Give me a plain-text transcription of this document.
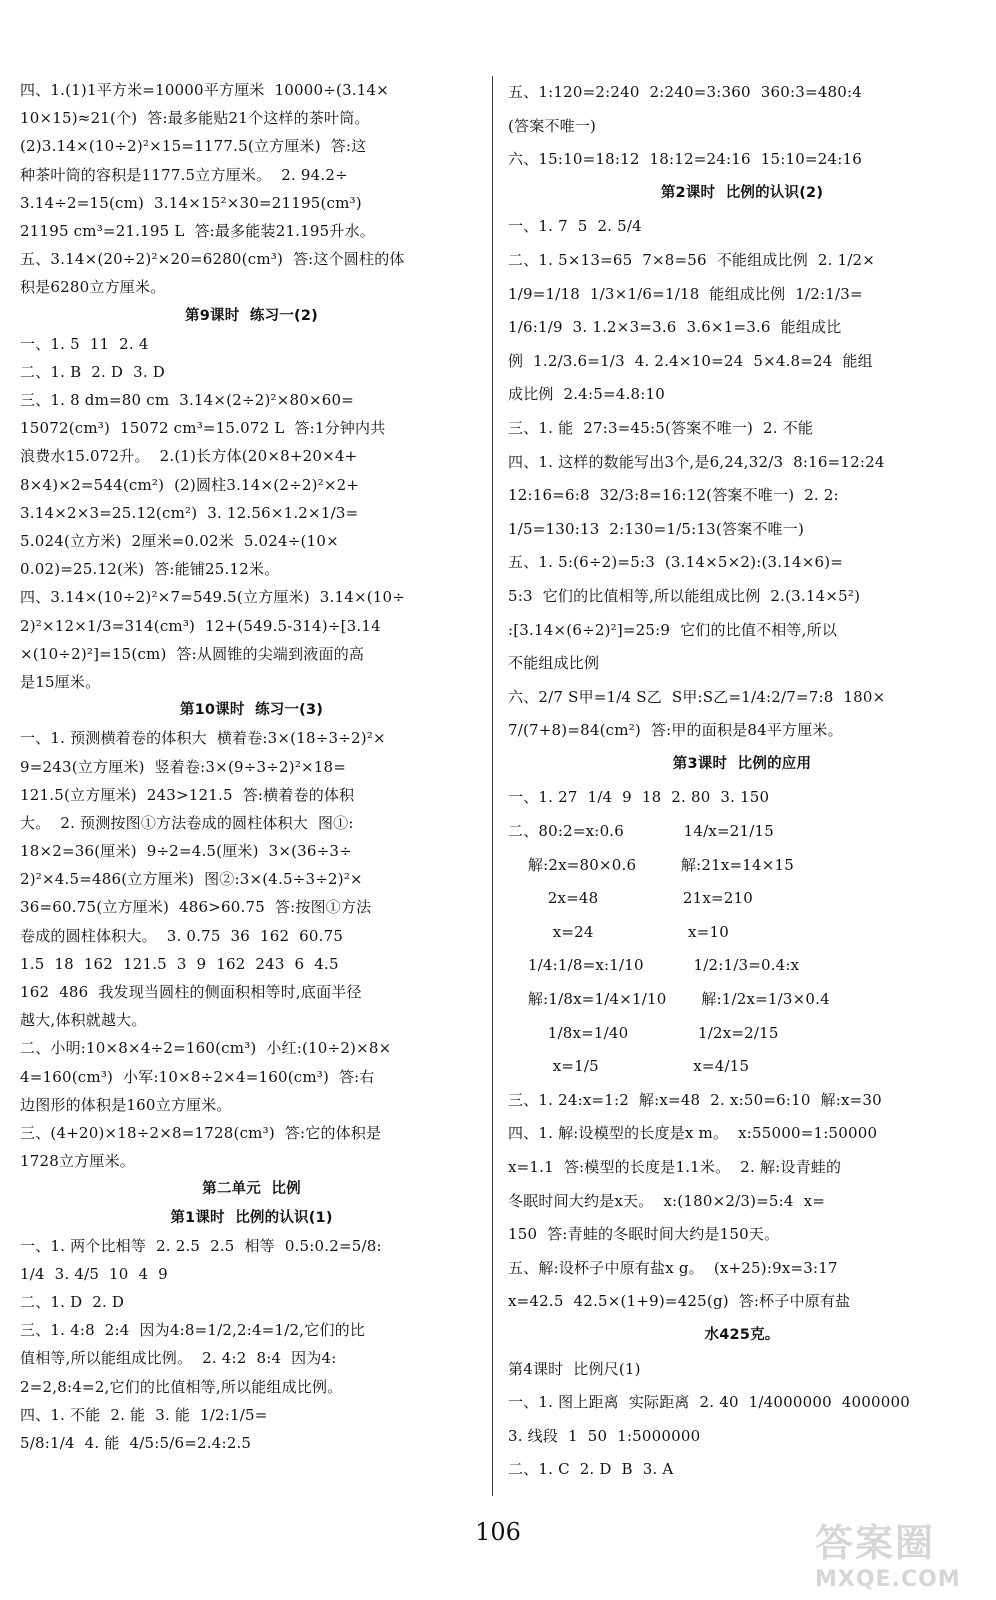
四、1.(1)1平方米=10000平方厘米  10000÷(3.14×
10×15)≈21(个)  答:最多能贴21个这样的茶叶筒。
(2)3.14×(10÷2)²×15=1177.5(立方厘米)  答:这
种茶叶筒的容积是1177.5立方厘米。  2. 94.2÷
3.14÷2=15(cm)  3.14×15²×30=21195(cm³)
21195 cm³=21.195 L  答:最多能装21.195升水。
五、3.14×(20÷2)²×20=6280(cm³)  答:这个圆柱的体
积是6280立方厘米。
第9课时  练习一(2)
一、1. 5  11  2. 4
二、1. B  2. D  3. D
三、1. 8 dm=80 cm  3.14×(2÷2)²×80×60=
15072(cm³)  15072 cm³=15.072 L  答:1分钟内共
浪费水15.072升。  2.(1)长方体(20×8+20×4+
8×4)×2=544(cm²)  (2)圆柱3.14×(2÷2)²×2+
3.14×2×3=25.12(cm²)  3. 12.56×1.2×1/3=
5.024(立方米)  2厘米=0.02米  5.024÷(10×
0.02)=25.12(米)  答:能铺25.12米。
四、3.14×(10÷2)²×7=549.5(立方厘米)  3.14×(10÷
2)²×12×1/3=314(cm³)  12+(549.5-314)÷[3.14
×(10÷2)²]=15(cm)  答:从圆锥的尖端到液面的高
是15厘米。
第10课时  练习一(3)
一、1. 预测横着卷的体积大  横着卷:3×(18÷3÷2)²×
9=243(立方厘米)  竖着卷:3×(9÷3÷2)²×18=
121.5(立方厘米)  243>121.5  答:横着卷的体积
大。  2. 预测按图①方法卷成的圆柱体积大  图①:
18×2=36(厘米)  9÷2=4.5(厘米)  3×(36÷3÷
2)²×4.5=486(立方厘米)  图②:3×(4.5÷3÷2)²×
36=60.75(立方厘米)  486>60.75  答:按图①方法
卷成的圆柱体积大。  3. 0.75  36  162  60.75
1.5  18  162  121.5  3  9  162  243  6  4.5
162  486  我发现当圆柱的侧面积相等时,底面半径
越大,体积就越大。
二、小明:10×8×4÷2=160(cm³)  小红:(10÷2)×8×
4=160(cm³)  小军:10×8÷2×4=160(cm³)  答:右
边图形的体积是160立方厘米。
三、(4+20)×18÷2×8=1728(cm³)  答:它的体积是
1728立方厘米。
第二单元  比例
第1课时  比例的认识(1)
一、1. 两个比相等  2. 2.5  2.5  相等  0.5:0.2=5/8:
1/4  3. 4/5  10  4  9
二、1. D  2. D
三、1. 4:8  2:4  因为4:8=1/2,2:4=1/2,它们的比
值相等,所以能组成比例。  2. 4:2  8:4  因为4:
2=2,8:4=2,它们的比值相等,所以能组成比例。
四、1. 不能  2. 能  3. 能  1/2:1/5=
5/8:1/4  4. 能  4/5:5/6=2.4:2.5
五、1:120=2:240  2:240=3:360  360:3=480:4
(答案不唯一)
六、15:10=18:12  18:12=24:16  15:10=24:16
第2课时  比例的认识(2)
一、1. 7  5  2. 5/4
二、1. 5×13=65  7×8=56  不能组成比例  2. 1/2×
1/9=1/18  1/3×1/6=1/18  能组成比例  1/2:1/3=
1/6:1/9  3. 1.2×3=3.6  3.6×1=3.6  能组成比
例  1.2/3.6=1/3  4. 2.4×10=24  5×4.8=24  能组
成比例  2.4:5=4.8:10
三、1. 能  27:3=45:5(答案不唯一)  2. 不能
四、1. 这样的数能写出3个,是6,24,32/3  8:16=12:24
12:16=6:8  32/3:8=16:12(答案不唯一)  2. 2:
1/5=130:13  2:130=1/5:13(答案不唯一)
五、1. 5:(6÷2)=5:3  (3.14×5×2):(3.14×6)=
5:3  它们的比值相等,所以能组成比例  2.(3.14×5²)
:[3.14×(6÷2)²]=25:9  它们的比值不相等,所以
不能组成比例
六、2/7 S甲=1/4 S乙  S甲:S乙=1/4:2/7=7:8  180×
7/(7+8)=84(cm²)  答:甲的面积是84平方厘米。
第3课时  比例的应用
一、1. 27  1/4  9  18  2. 80  3. 150
二、80:2=x:0.6            14/x=21/15
解:2x=80×0.6         解:21x=14×15
2x=48                 21x=210
x=24                   x=10
1/4:1/8=x:1/10          1/2:1/3=0.4:x
解:1/8x=1/4×1/10       解:1/2x=1/3×0.4
1/8x=1/40              1/2x=2/15
x=1/5                   x=4/15
三、1. 24:x=1:2  解:x=48  2. x:50=6:10  解:x=30
四、1. 解:设模型的长度是x m。  x:55000=1:50000
x=1.1  答:模型的长度是1.1米。  2. 解:设青蛙的
冬眠时间大约是x天。  x:(180×2/3)=5:4  x=
150  答:青蛙的冬眠时间大约是150天。
五、解:设杯子中原有盐x g。  (x+25):9x=3:17
x=42.5  42.5×(1+9)=425(g)  答:杯子中原有盐
水425克。
第4课时  比例尺(1)
一、1. 图上距离  实际距离  2. 40  1/4000000  4000000
3. 线段  1  50  1:5000000
二、1. C  2. D  B  3. A
106	答案圈
MXQE.COM
